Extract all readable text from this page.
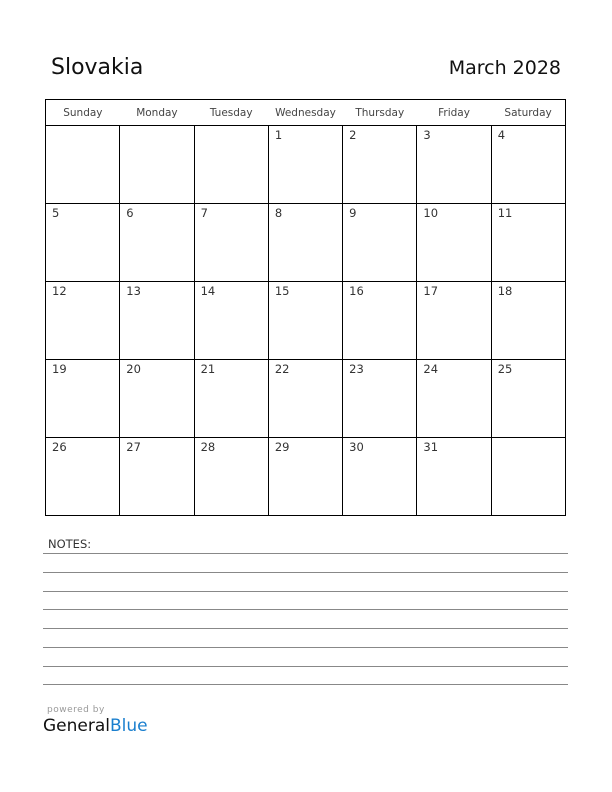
Slovakia	March 2028
Sunday	Monday	Tuesday	Wednesday	Thursday	Friday	Saturday
			1	2	3	4
5	6	7	8	9	10	11
12	13	14	15	16	17	18
19	20	21	22	23	24	25
26	27	28	29	30	31	
NOTES:
powered by
GeneralBlue
